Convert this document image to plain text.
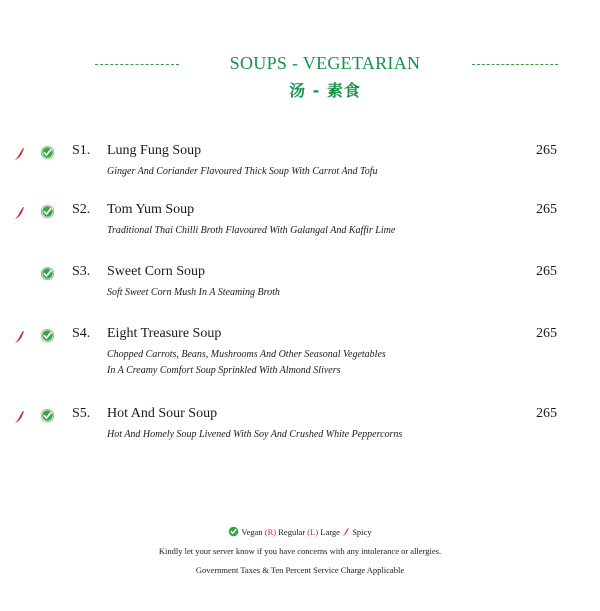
SOUPS - VEGETARIAN
汤 - 素食
S1. Lung Fung Soup	265
Ginger And Coriander Flavoured Thick Soup With Carrot And Tofu
S2. Tom Yum Soup	265
Traditional Thai Chilli Broth Flavoured With Galangal And Kaffir Lime
S3. Sweet Corn Soup	265
Soft Sweet Corn Mush In A Steaming Broth
S4. Eight Treasure Soup	265
Chopped Carrots, Beans, Mushrooms And Other Seasonal Vegetables
In A Creamy Comfort Soup Sprinkled With Almond Slivers
S5. Hot And Sour Soup	265
Hot And Homely Soup Livened With Soy And Crushed White Peppercorns
Vegan (R) Regular (L) Large Spicy
Kindly let your server know if you have concerns with any intolerance or allergies.
Government Taxes & Ten Percent Service Charge Applicable
